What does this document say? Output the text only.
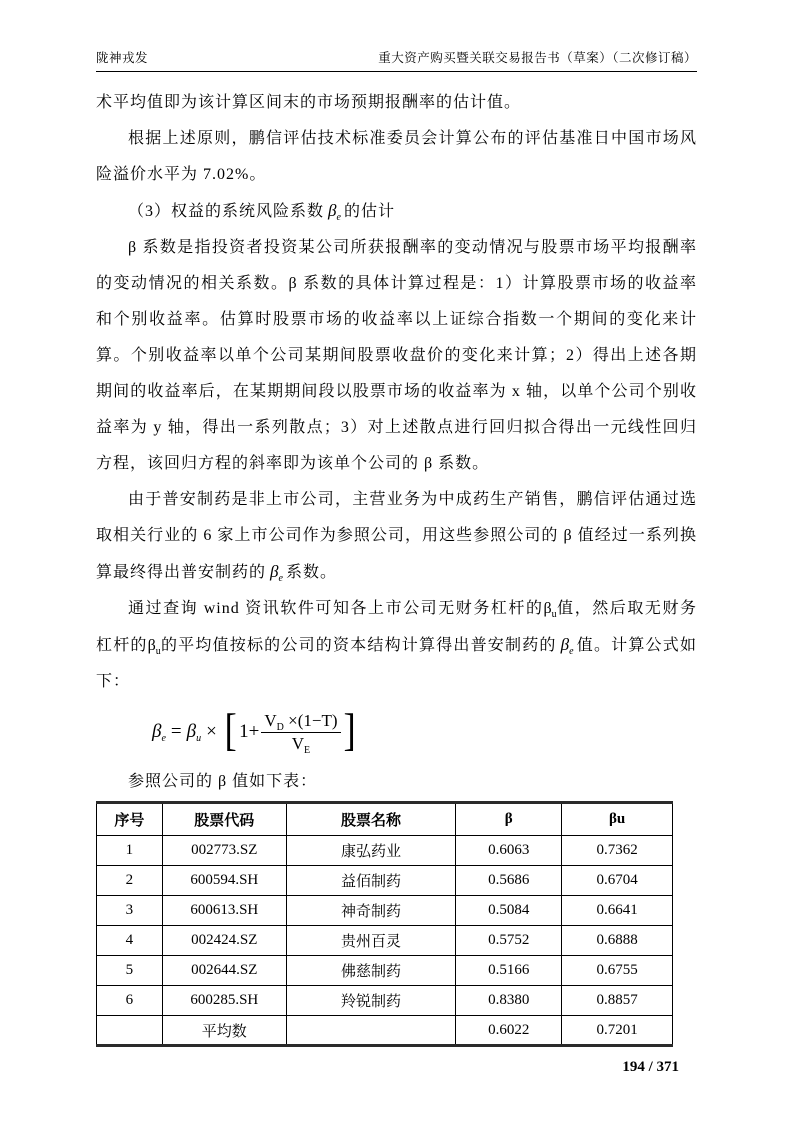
陇神戎发	重大资产购买暨关联交易报告书（草案）（二次修订稿）

术平均值即为该计算区间末的市场预期报酬率的估计值。

根据上述原则，鹏信评估技术标准委员会计算公布的评估基准日中国市场风险溢价水平为 7.02%。

（3）权益的系统风险系数 $\beta_e$ 的估计

β 系数是指投资者投资某公司所获报酬率的变动情况与股票市场平均报酬率的变动情况的相关系数。β 系数的具体计算过程是：1）计算股票市场的收益率和个别收益率。估算时股票市场的收益率以上证综合指数一个期间的变化来计算。个别收益率以单个公司某期间股票收盘价的变化来计算；2）得出上述各期期间的收益率后，在某期期间段以股票市场的收益率为 x 轴，以单个公司个别收益率为 y 轴，得出一系列散点；3）对上述散点进行回归拟合得出一元线性回归方程，该回归方程的斜率即为该单个公司的 β 系数。

由于普安制药是非上市公司，主营业务为中成药生产销售，鹏信评估通过选取相关行业的 6 家上市公司作为参照公司，用这些参照公司的 β 值经过一系列换算最终得出普安制药的 $\beta_e$ 系数。

通过查询 wind 资讯软件可知各上市公司无财务杠杆的$\beta_u$值，然后取无财务杠杆的$\beta_u$的平均值按标的公司的资本结构计算得出普安制药的 $\beta_e$ 值。计算公式如下：

$\beta_e = \beta_u$ × [ $1+ \frac{V_D \times(1-T)}{V_E}$ ]

参照公司的 β 值如下表：

序号	股票代码	股票名称	β	βu
1	002773.SZ	康弘药业	0.6063	0.7362
2	600594.SH	益佰制药	0.5686	0.6704
3	600613.SH	神奇制药	0.5084	0.6641
4	002424.SZ	贵州百灵	0.5752	0.6888
5	002644.SZ	佛慈制药	0.5166	0.6755
6	600285.SH	羚锐制药	0.8380	0.8857
	平均数		0.6022	0.7201
194 / 371
